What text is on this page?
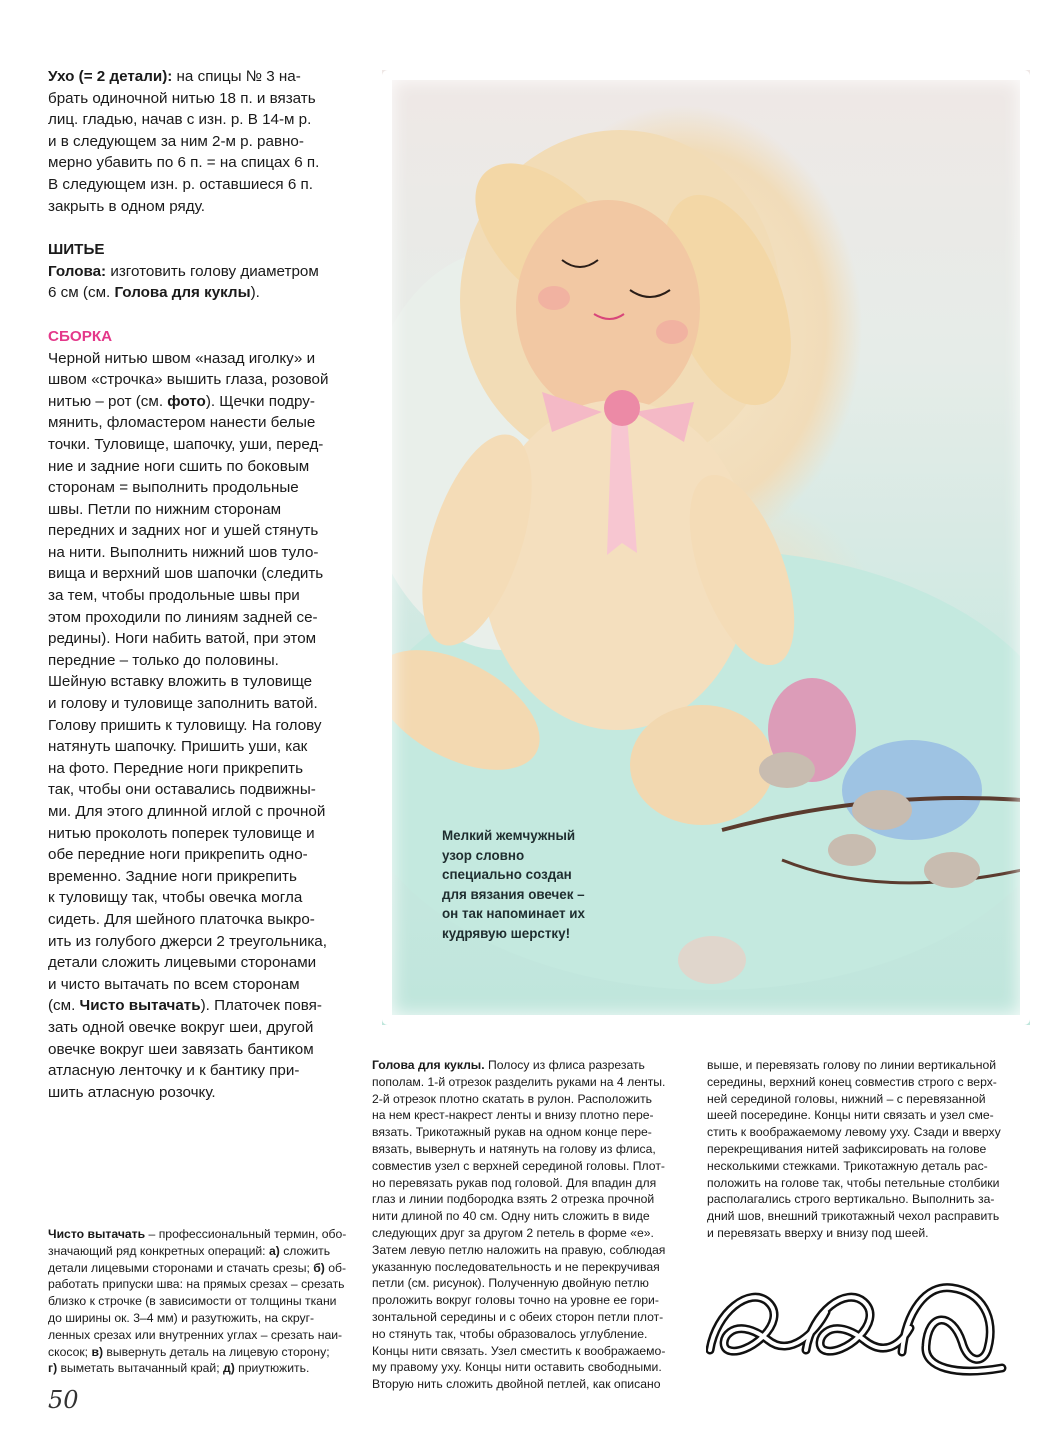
Ухо (= 2 детали): на спицы № 3 на-

брать одиночной нитью 18 п. и вязать

лиц. гладью, начав с изн. р. В 14-м р.

и в следующем за ним 2-м р. равно-

мерно убавить по 6 п. = на спицах 6 п.

В следующем изн. р. оставшиеся 6 п.

закрыть в одном ряду.

ШИТЬЕ

Голова: изготовить голову диаметром

6 см (см. Голова для куклы).

СБОРКА

Черной нитью швом «назад иголку» и

швом «строчка» вышить глаза, розовой

нитью – рот (см. фото). Щечки подру-

мянить, фломастером нанести белые

точки. Туловище, шапочку, уши, перед-

ние и задние ноги сшить по боковым

сторонам = выполнить продольные

швы. Петли по нижним сторонам

передних и задних ног и ушей стянуть

на нити. Выполнить нижний шов туло-

вища и верхний шов шапочки (следить

за тем, чтобы продольные швы при

этом проходили по линиям задней се-

редины). Ноги набить ватой, при этом

передние – только до половины.

Шейную вставку вложить в туловище

и голову и туловище заполнить ватой.

Голову пришить к туловищу. На голову

натянуть шапочку. Пришить уши, как

на фото. Передние ноги прикрепить

так, чтобы они оставались подвижны-

ми. Для этого длинной иглой с прочной

нитью проколоть поперек туловище и

обе передние ноги прикрепить одно-

временно. Задние ноги прикрепить

к туловищу так, чтобы овечка могла

сидеть. Для шейного платочка выкро-

ить из голубого джерси 2 треугольника,

детали сложить лицевыми сторонами

и чисто вытачать по всем сторонам

(см. Чисто вытачать). Платочек повя-

зать одной овечке вокруг шеи, другой

овечке вокруг шеи завязать бантиком

атласную ленточку и к бантику при-

шить атласную розочку.

Мелкий жемчужный
узор словно
специально создан
для вязания овечек –
он так напоминает их
кудрявую шерстку!

Чисто вытачать – профессиональный термин, обо-

значающий ряд конкретных операций: а) сложить

детали лицевыми сторонами и стачать срезы; б) об-

работать припуски шва: на прямых срезах – срезать

близко к строчке (в зависимости от толщины ткани

до ширины ок. 3–4 мм) и разутюжить, на скруг-

ленных срезах или внутренних углах – срезать наи-

скосок; в) вывернуть деталь на лицевую сторону;

г) выметать вытачанный край; д) приутюжить.

Голова для куклы. Полосу из флиса разрезать

пополам. 1-й отрезок разделить руками на 4 ленты.

2-й отрезок плотно скатать в рулон. Расположить

на нем крест-накрест ленты и внизу плотно пере-

вязать. Трикотажный рукав на одном конце пере-

вязать, вывернуть и натянуть на голову из флиса,

совместив узел с верхней серединой головы. Плот-

но перевязать рукав под головой. Для впадин для

глаз и линии подбородка взять 2 отрезка прочной

нити длиной по 40 см. Одну нить сложить в виде

следующих друг за другом 2 петель в форме «е».

Затем левую петлю наложить на правую, соблюдая

указанную последовательность и не перекручивая

петли (см. рисунок). Полученную двойную петлю

проложить вокруг головы точно на уровне ее гори-

зонтальной середины и с обеих сторон петли плот-

но стянуть так, чтобы образовалось углубление.

Концы нити связать. Узел сместить к воображаемо-

му правому уху. Концы нити оставить свободными.

Вторую нить сложить двойной петлей, как описано

выше, и перевязать голову по линии вертикальной

середины, верхний конец совместив строго с верх-

ней серединой головы, нижний – с перевязанной

шеей посередине. Концы нити связать и узел сме-

стить к воображаемому левому уху. Сзади и вверху

перекрещивания нитей зафиксировать на голове

несколькими стежками. Трикотажную деталь рас-

положить на голове так, чтобы петельные столбики

располагались строго вертикально. Выполнить за-

дний шов, внешний трикотажный чехол расправить

и перевязать вверху и внизу под шеей.

50
